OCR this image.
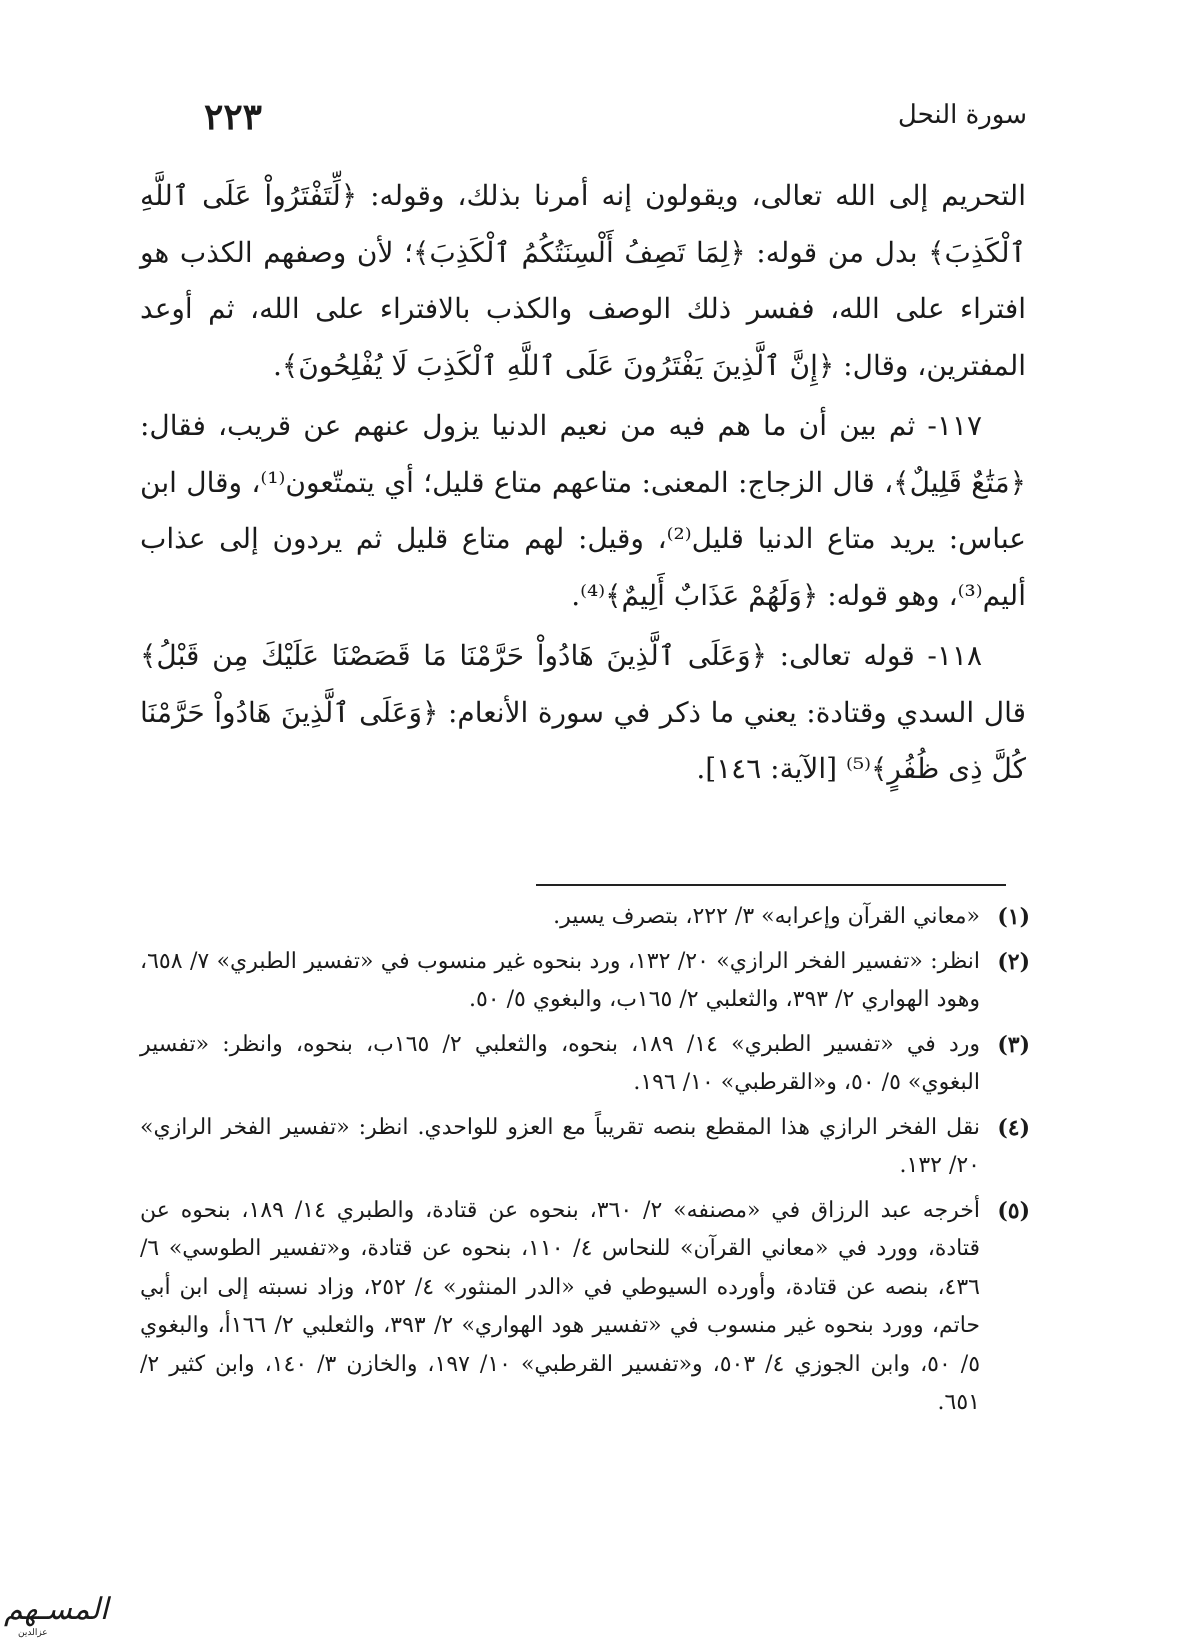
٢٢٣	سورة النحل

التحريم إلى الله تعالى، ويقولون إنه أمرنا بذلك، وقوله: ﴿لِّتَفْتَرُواْ عَلَى ٱللَّهِ ٱلْكَذِبَ﴾ بدل من قوله: ﴿لِمَا تَصِفُ أَلْسِنَتُكُمُ ٱلْكَذِبَ﴾؛ لأن وصفهم الكذب هو افتراء على الله، ففسر ذلك الوصف والكذب بالافتراء على الله، ثم أوعد المفترين، وقال: ﴿إِنَّ ٱلَّذِينَ يَفْتَرُونَ عَلَى ٱللَّهِ ٱلْكَذِبَ لَا يُفْلِحُونَ﴾.

١١٧- ثم بين أن ما هم فيه من نعيم الدنيا يزول عنهم عن قريب، فقال: ﴿مَتَٰعٌ قَلِيلٌ﴾، قال الزجاج: المعنى: متاعهم متاع قليل؛ أي يتمتّعون⁽¹⁾، وقال ابن عباس: يريد متاع الدنيا قليل⁽²⁾، وقيل: لهم متاع قليل ثم يردون إلى عذاب أليم⁽³⁾، وهو قوله: ﴿وَلَهُمْ عَذَابٌ أَلِيمٌ﴾⁽⁴⁾.

١١٨- قوله تعالى: ﴿وَعَلَى ٱلَّذِينَ هَادُواْ حَرَّمْنَا مَا قَصَصْنَا عَلَيْكَ مِن قَبْلُ﴾ قال السدي وقتادة: يعني ما ذكر في سورة الأنعام: ﴿وَعَلَى ٱلَّذِينَ هَادُواْ حَرَّمْنَا كُلَّ ذِى ظُفُرٍ﴾⁽⁵⁾ [الآية: ١٤٦].

(١)
«معاني القرآن وإعرابه» ٣/ ٢٢٢، بتصرف يسير.
(٢)
انظر: «تفسير الفخر الرازي» ٢٠/ ١٣٢، ورد بنحوه غير منسوب في «تفسير الطبري» ٧/ ٦٥٨، وهود الهواري ٢/ ٣٩٣، والثعلبي ٢/ ١٦٥ب، والبغوي ٥/ ٥٠.
(٣)
ورد في «تفسير الطبري» ١٤/ ١٨٩، بنحوه، والثعلبي ٢/ ١٦٥ب، بنحوه، وانظر: «تفسير البغوي» ٥/ ٥٠، و«القرطبي» ١٠/ ١٩٦.
(٤)
نقل الفخر الرازي هذا المقطع بنصه تقريباً مع العزو للواحدي. انظر: «تفسير الفخر الرازي» ٢٠/ ١٣٢.
(٥)
أخرجه عبد الرزاق في «مصنفه» ٢/ ٣٦٠، بنحوه عن قتادة، والطبري ١٤/ ١٨٩، بنحوه عن قتادة، وورد في «معاني القرآن» للنحاس ٤/ ١١٠، بنحوه عن قتادة، و«تفسير الطوسي» ٦/ ٤٣٦، بنصه عن قتادة، وأورده السيوطي في «الدر المنثور» ٤/ ٢٥٢، وزاد نسبته إلى ابن أبي حاتم، وورد بنحوه غير منسوب في «تفسير هود الهواري» ٢/ ٣٩٣، والثعلبي ٢/ ١٦٦أ، والبغوي ٥/ ٥٠، وابن الجوزي ٤/ ٥٠٣، و«تفسير القرطبي» ١٠/ ١٩٧، والخازن ٣/ ١٤٠، وابن كثير ٢/ ٦٥١.
المسـهم
عزالدين
